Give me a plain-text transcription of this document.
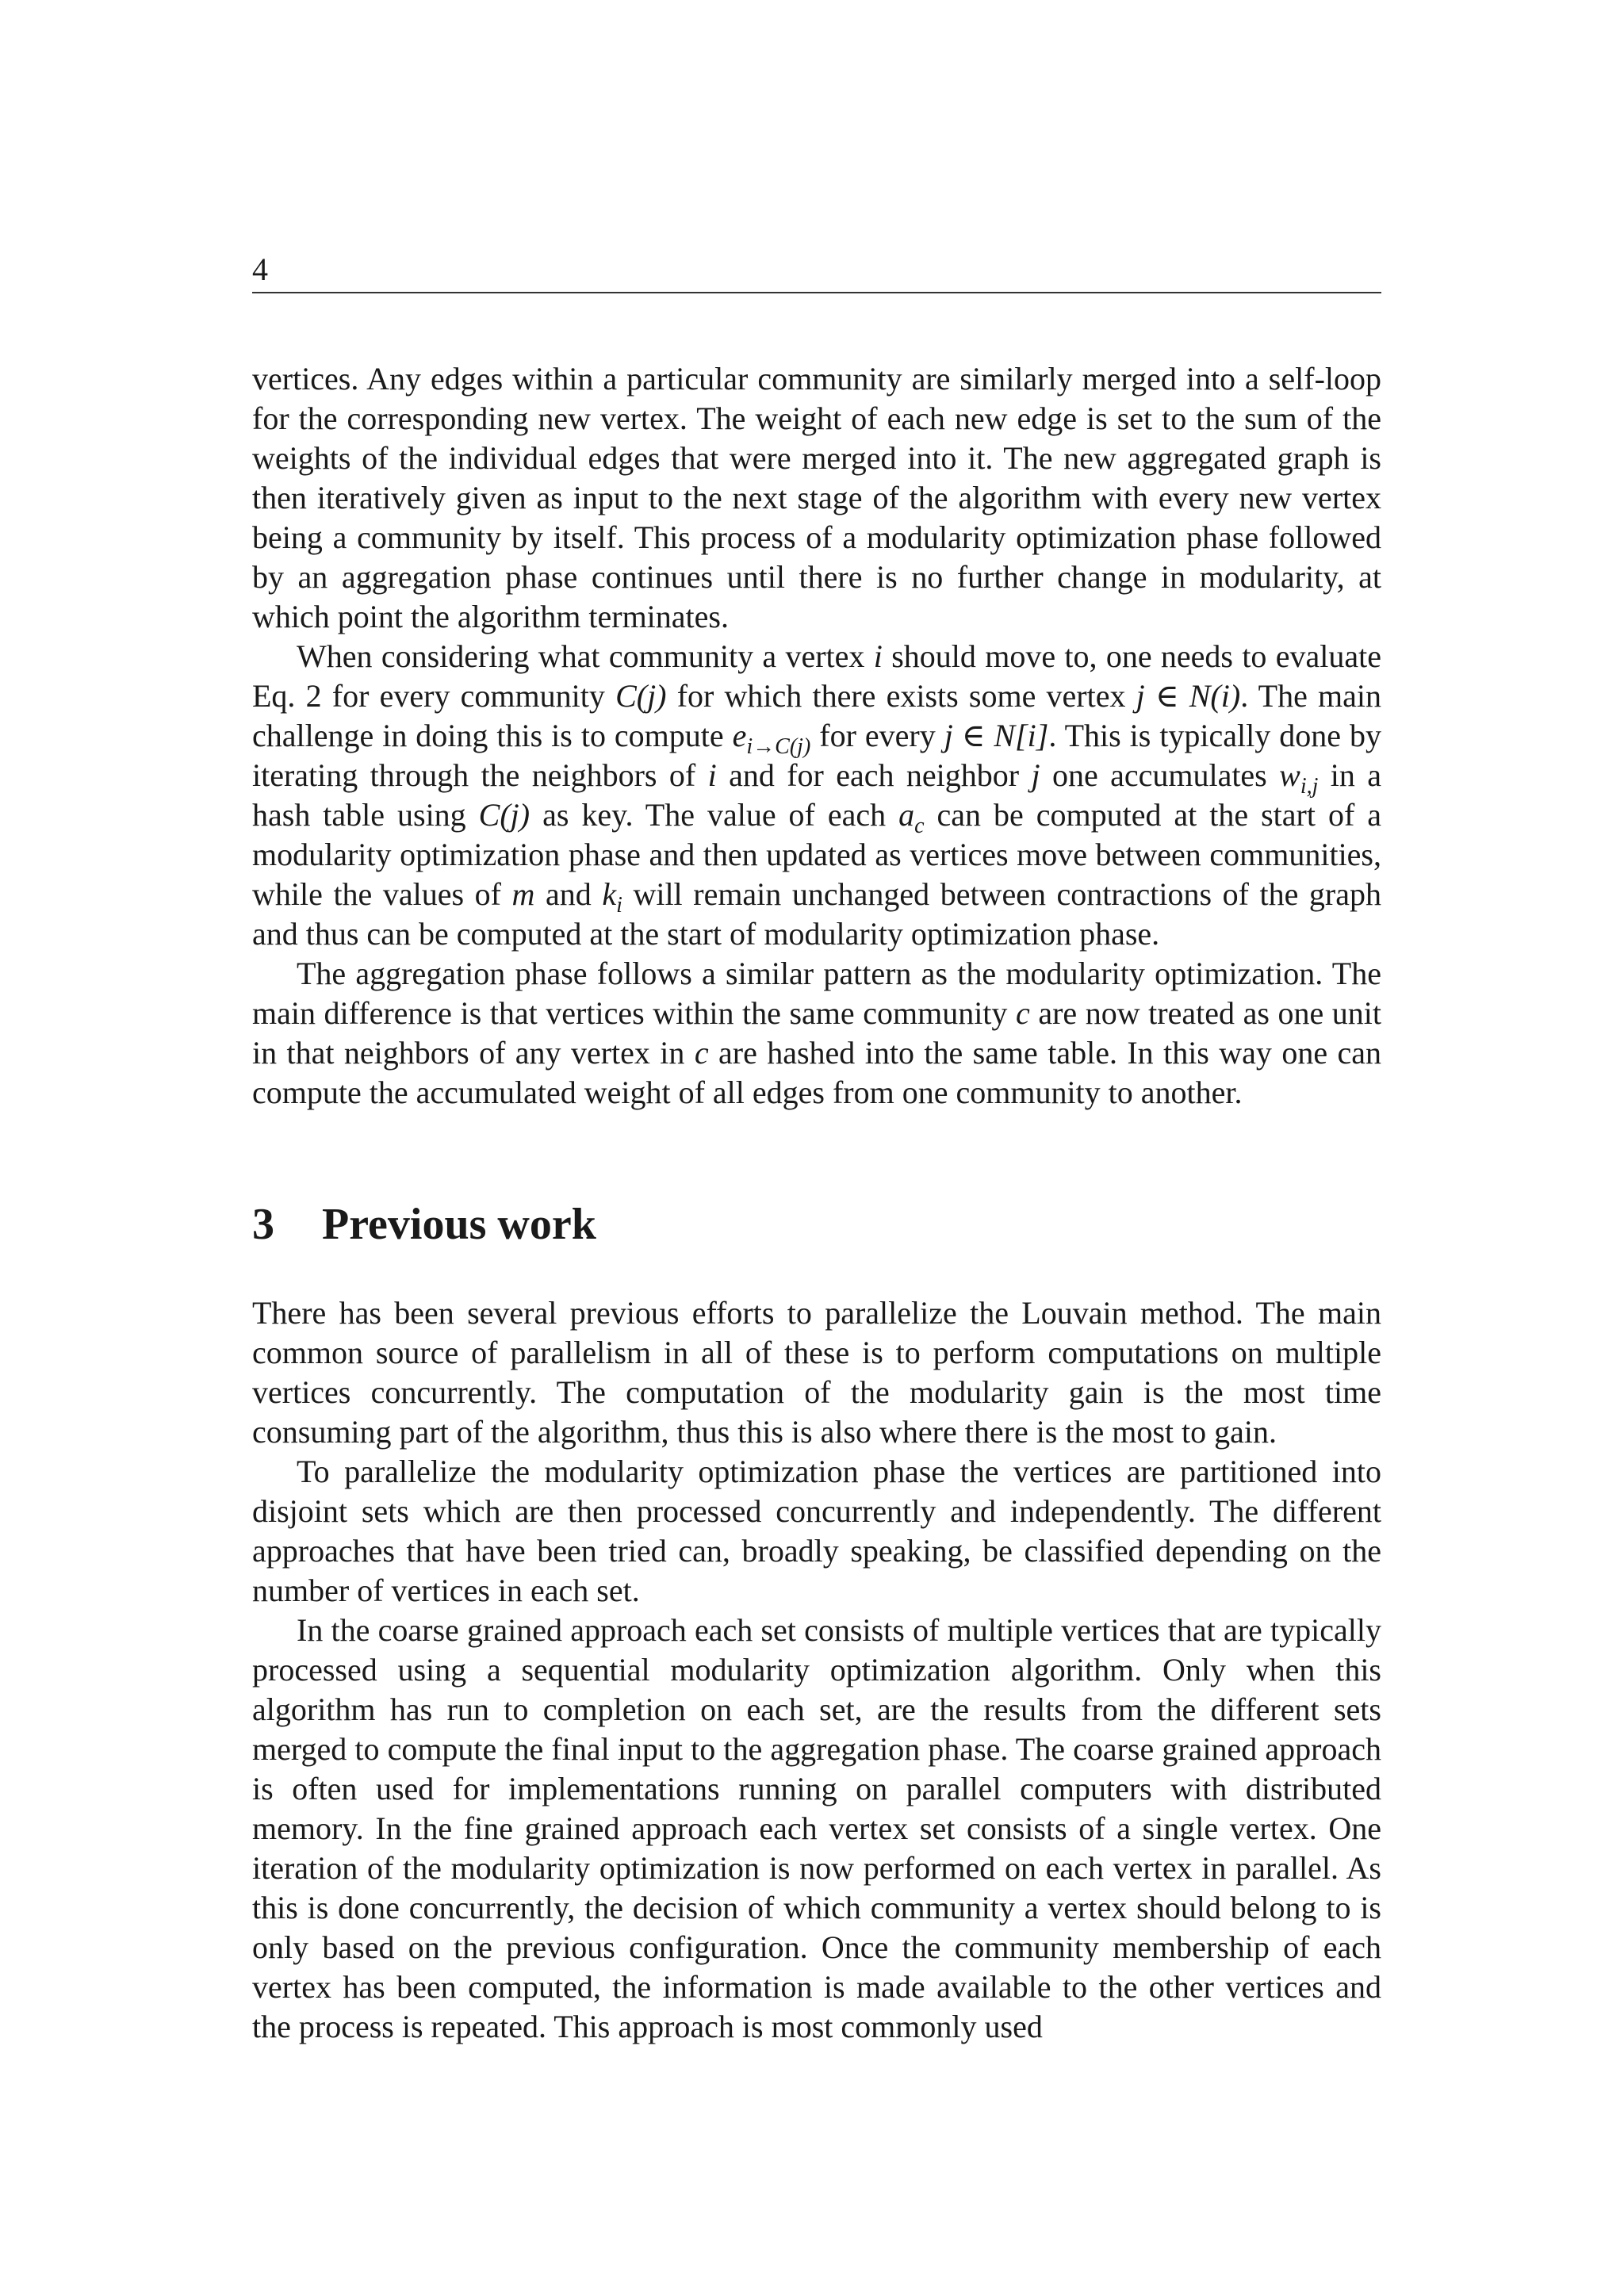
4

vertices. Any edges within a particular community are similarly merged into a self-loop for the corresponding new vertex. The weight of each new edge is set to the sum of the weights of the individual edges that were merged into it. The new aggregated graph is then iteratively given as input to the next stage of the algorithm with every new vertex being a community by itself. This process of a modularity optimization phase followed by an aggregation phase continues until there is no further change in modularity, at which point the algorithm terminates.

When considering what community a vertex i should move to, one needs to evaluate Eq. 2 for every community C(j) for which there exists some vertex j ∈ N(i). The main challenge in doing this is to compute $e_{i\to C(j)}$ for every j ∈ N[i]. This is typically done by iterating through the neighbors of i and for each neighbor j one accumulates $w_{i,j}$ in a hash table using C(j) as key. The value of each $a_c$ can be computed at the start of a modularity optimization phase and then updated as vertices move between communities, while the values of m and $k_i$ will remain unchanged between contractions of the graph and thus can be computed at the start of modularity optimization phase.

The aggregation phase follows a similar pattern as the modularity optimization. The main difference is that vertices within the same community c are now treated as one unit in that neighbors of any vertex in c are hashed into the same table. In this way one can compute the accumulated weight of all edges from one community to another.

3	Previous work

There has been several previous efforts to parallelize the Louvain method. The main common source of parallelism in all of these is to perform computations on multiple vertices concurrently. The computation of the modularity gain is the most time consuming part of the algorithm, thus this is also where there is the most to gain.

To parallelize the modularity optimization phase the vertices are partitioned into disjoint sets which are then processed concurrently and independently. The different approaches that have been tried can, broadly speaking, be classified depending on the number of vertices in each set.

In the coarse grained approach each set consists of multiple vertices that are typically processed using a sequential modularity optimization algorithm. Only when this algorithm has run to completion on each set, are the results from the different sets merged to compute the final input to the aggregation phase. The coarse grained approach is often used for implementations running on parallel computers with distributed memory. In the fine grained approach each vertex set consists of a single vertex. One iteration of the modularity optimization is now performed on each vertex in parallel. As this is done concurrently, the decision of which community a vertex should belong to is only based on the previous configuration. Once the community membership of each vertex has been computed, the information is made available to the other vertices and the process is repeated. This approach is most commonly used
